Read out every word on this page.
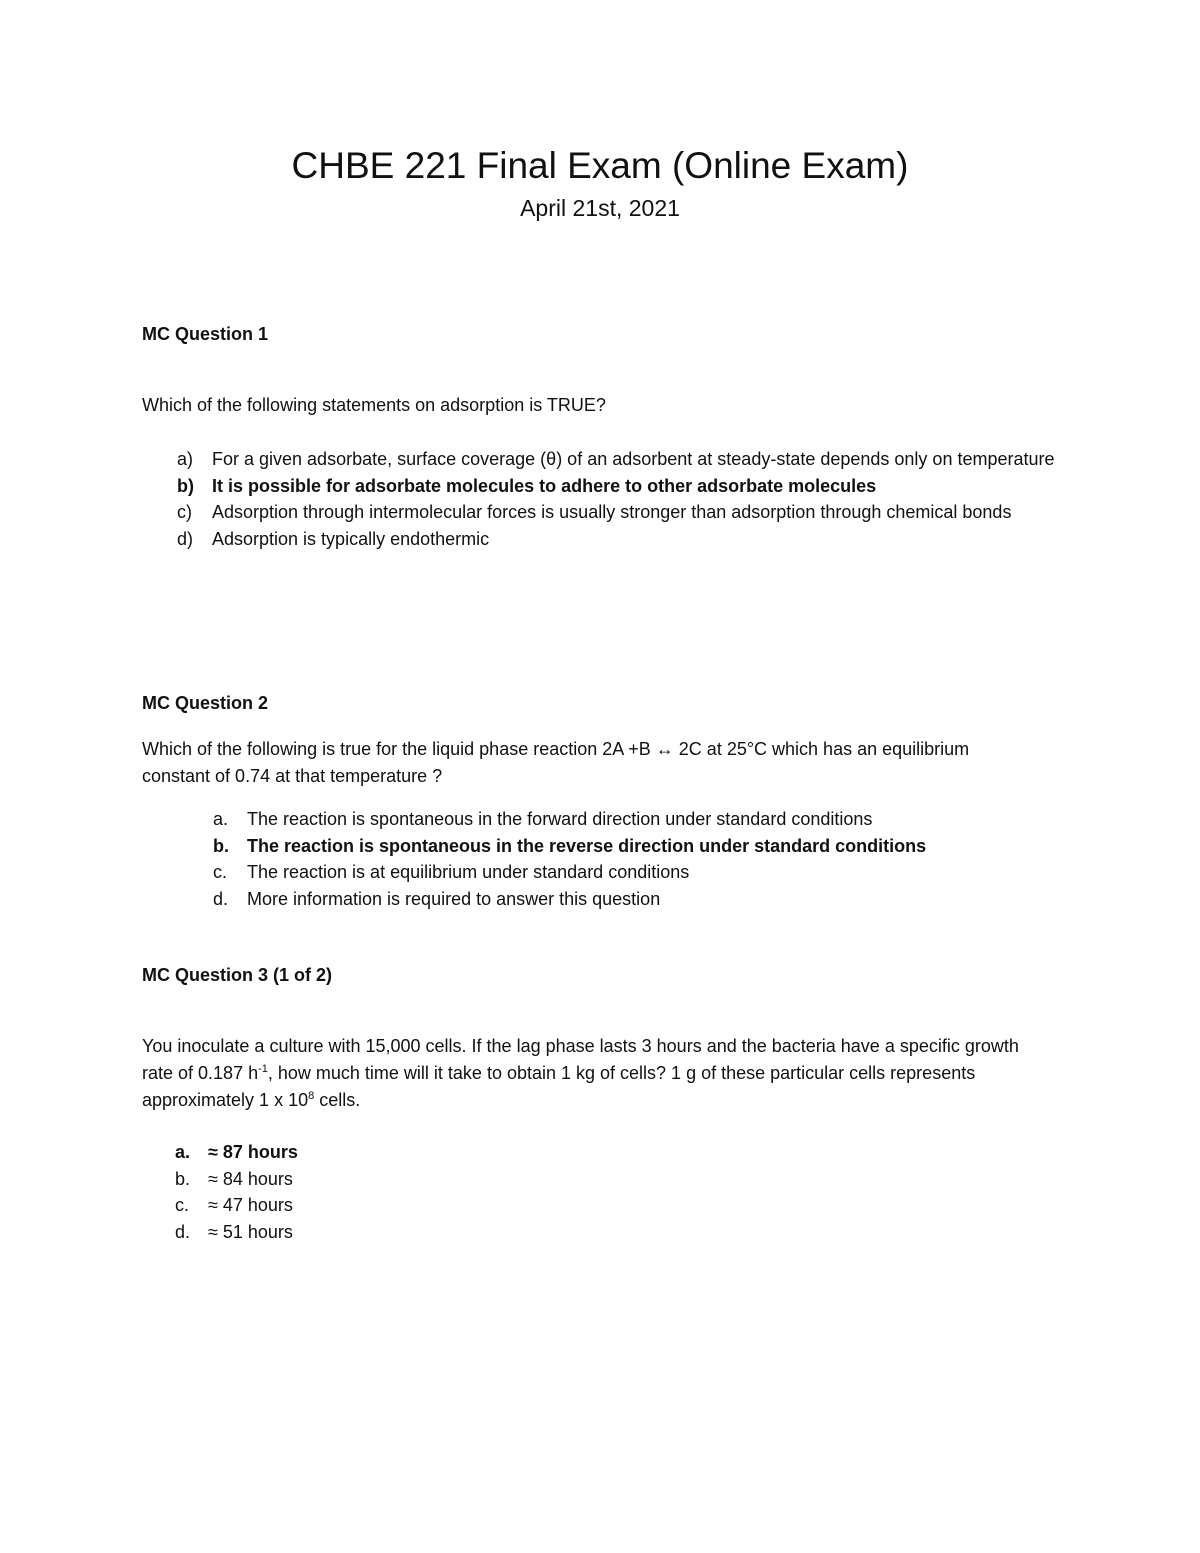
CHBE 221 Final Exam (Online Exam)
April 21st, 2021

MC Question 1

Which of the following statements on adsorption is TRUE?

a) For a given adsorbate, surface coverage (θ) of an adsorbent at steady-state depends only on temperature
b) It is possible for adsorbate molecules to adhere to other adsorbate molecules
c) Adsorption through intermolecular forces is usually stronger than adsorption through chemical bonds
d) Adsorption is typically endothermic

MC Question 2

Which of the following is true for the liquid phase reaction 2A +B ↔ 2C at 25°C which has an equilibrium constant of 0.74 at that temperature ?

a. The reaction is spontaneous in the forward direction under standard conditions
b. The reaction is spontaneous in the reverse direction under standard conditions
c. The reaction is at equilibrium under standard conditions
d. More information is required to answer this question

MC Question 3 (1 of 2)

You inoculate a culture with 15,000 cells. If the lag phase lasts 3 hours and the bacteria have a specific growth rate of 0.187 $h^{-1}$, how much time will it take to obtain 1 kg of cells? 1 g of these particular cells represents approximately 1 x $10^8$ cells.

a. ≈ 87 hours
b. ≈ 84 hours
c. ≈ 47 hours
d. ≈ 51 hours
